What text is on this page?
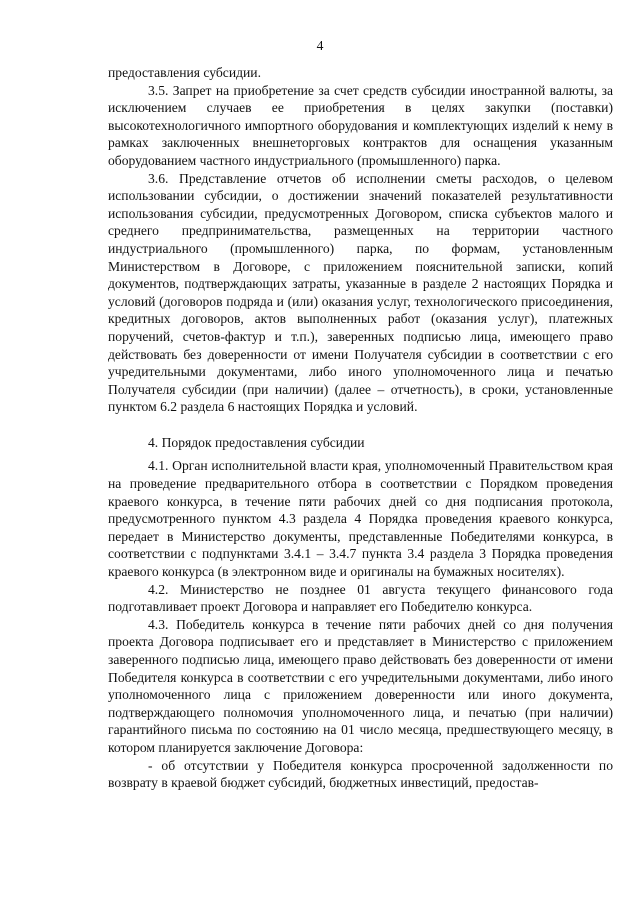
4

предоставления субсидии.

3.5. Запрет на приобретение за счет средств субсидии иностранной валюты, за исключением случаев ее приобретения в целях закупки (поставки) высокотехнологичного импортного оборудования и комплектующих изделий к нему в рамках заключенных внешнеторговых контрактов для оснащения указанным оборудованием частного индустриального (промышленного) парка.

3.6. Представление отчетов об исполнении сметы расходов, о целевом использовании субсидии, о достижении значений показателей результативности использования субсидии, предусмотренных Договором, списка субъектов малого и среднего предпринимательства, размещенных на территории частного индустриального (промышленного) парка, по формам, установленным Министерством в Договоре, с приложением пояснительной записки, копий документов, подтверждающих затраты, указанные в разделе 2 настоящих Порядка и условий (договоров подряда и (или) оказания услуг, технологического присоединения, кредитных договоров, актов выполненных работ (оказания услуг), платежных поручений, счетов-фактур и т.п.), заверенных подписью лица, имеющего право действовать без доверенности от имени Получателя субсидии в соответствии с его учредительными документами, либо иного уполномоченного лица и печатью Получателя субсидии (при наличии) (далее – отчетность), в сроки, установленные пунктом 6.2 раздела 6 настоящих Порядка и условий.

4. Порядок предоставления субсидии

4.1. Орган исполнительной власти края, уполномоченный Правительством края на проведение предварительного отбора в соответствии с Порядком проведения краевого конкурса, в течение пяти рабочих дней со дня подписания протокола, предусмотренного пунктом 4.3 раздела 4 Порядка проведения краевого конкурса, передает в Министерство документы, представленные Победителями конкурса, в соответствии с подпунктами 3.4.1 – 3.4.7 пункта 3.4 раздела 3 Порядка проведения краевого конкурса (в электронном виде и оригиналы на бумажных носителях).

4.2. Министерство не позднее 01 августа текущего финансового года подготавливает проект Договора и направляет его Победителю конкурса.

4.3. Победитель конкурса в течение пяти рабочих дней со дня получения проекта Договора подписывает его и представляет в Министерство с приложением заверенного подписью лица, имеющего право действовать без доверенности от имени Победителя конкурса в соответствии с его учредительными документами, либо иного уполномоченного лица с приложением доверенности или иного документа, подтверждающего полномочия уполномоченного лица, и печатью (при наличии) гарантийного письма по состоянию на 01 число месяца, предшествующего месяцу, в котором планируется заключение Договора:

- об отсутствии у Победителя конкурса просроченной задолженности по возврату в краевой бюджет субсидий, бюджетных инвестиций, предостав-
